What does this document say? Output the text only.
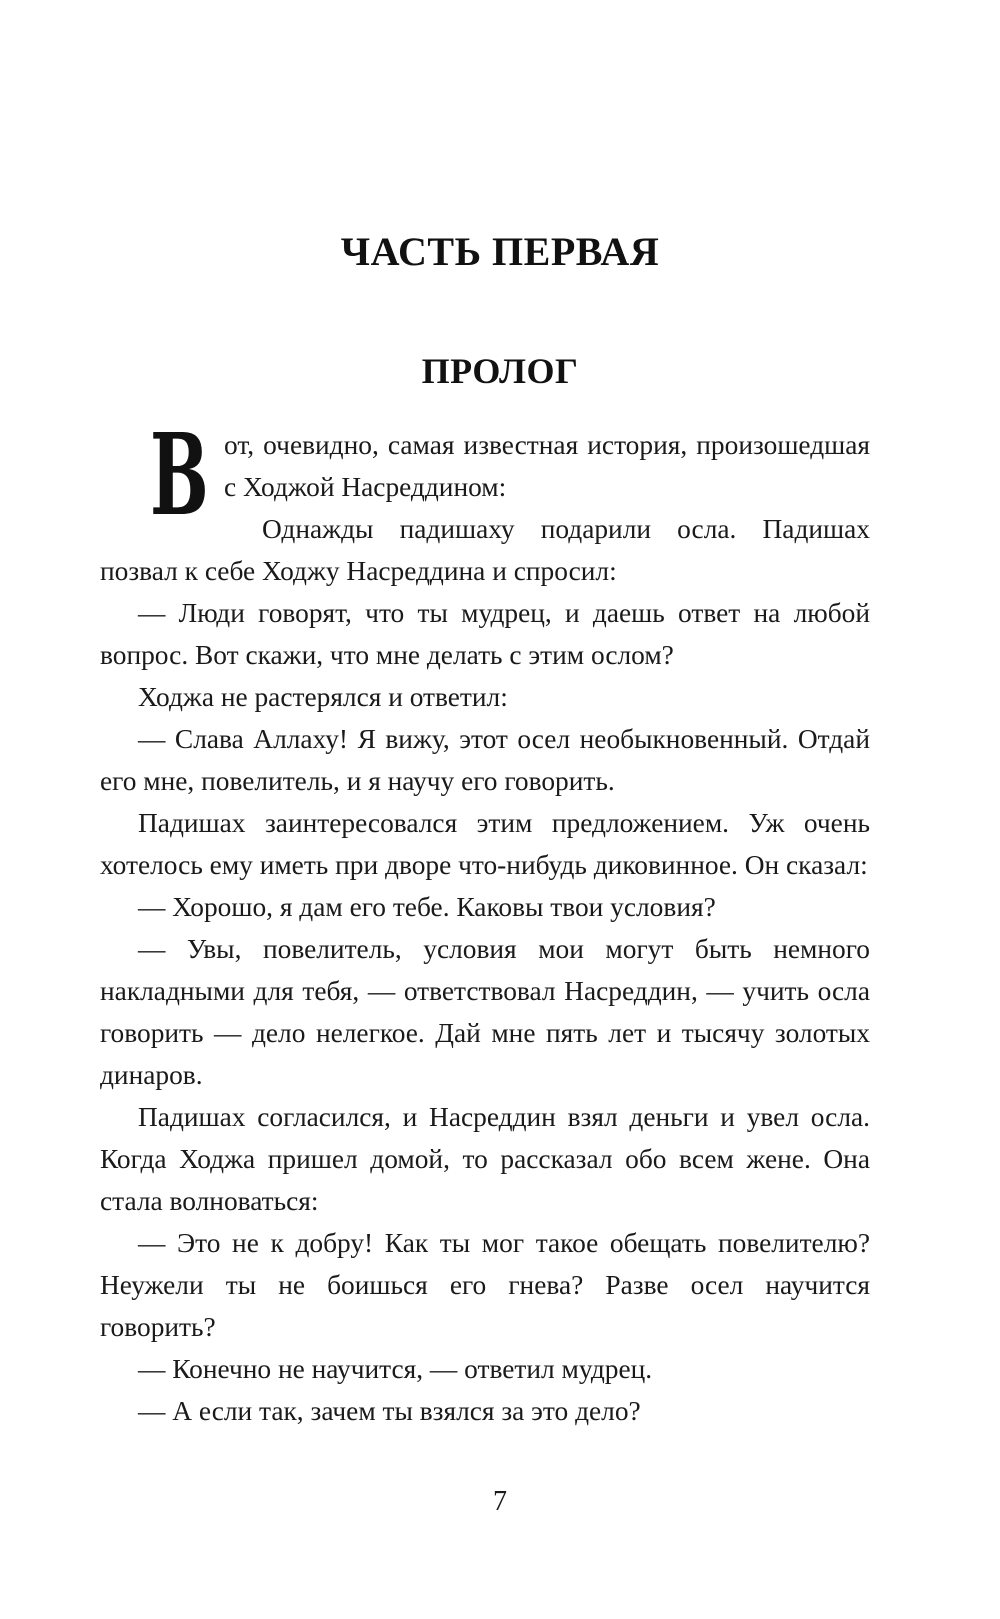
ЧАСТЬ ПЕРВАЯ
ПРОЛОГ

Вот, очевидно, самая известная история, произошедшая с Ходжой Насреддином:

Однажды падишаху подарили осла. Падишах позвал к себе Ходжу Насреддина и спросил:

— Люди говорят, что ты мудрец, и даешь ответ на любой вопрос. Вот скажи, что мне делать с этим ослом?

Ходжа не растерялся и ответил:

— Слава Аллаху! Я вижу, этот осел необыкновенный. Отдай его мне, повелитель, и я научу его говорить.

Падишах заинтересовался этим предложением. Уж очень хотелось ему иметь при дворе что-нибудь диковинное. Он сказал:

— Хорошо, я дам его тебе. Каковы твои условия?

— Увы, повелитель, условия мои могут быть немного накладными для тебя, — ответствовал Насреддин, — учить осла говорить — дело нелегкое. Дай мне пять лет и тысячу золотых динаров.

Падишах согласился, и Насреддин взял деньги и увел осла. Когда Ходжа пришел домой, то рассказал обо всем жене. Она стала волноваться:

— Это не к добру! Как ты мог такое обещать повелителю? Неужели ты не боишься его гнева? Разве осел научится говорить?

— Конечно не научится, — ответил мудрец.

— А если так, зачем ты взялся за это дело?

7
